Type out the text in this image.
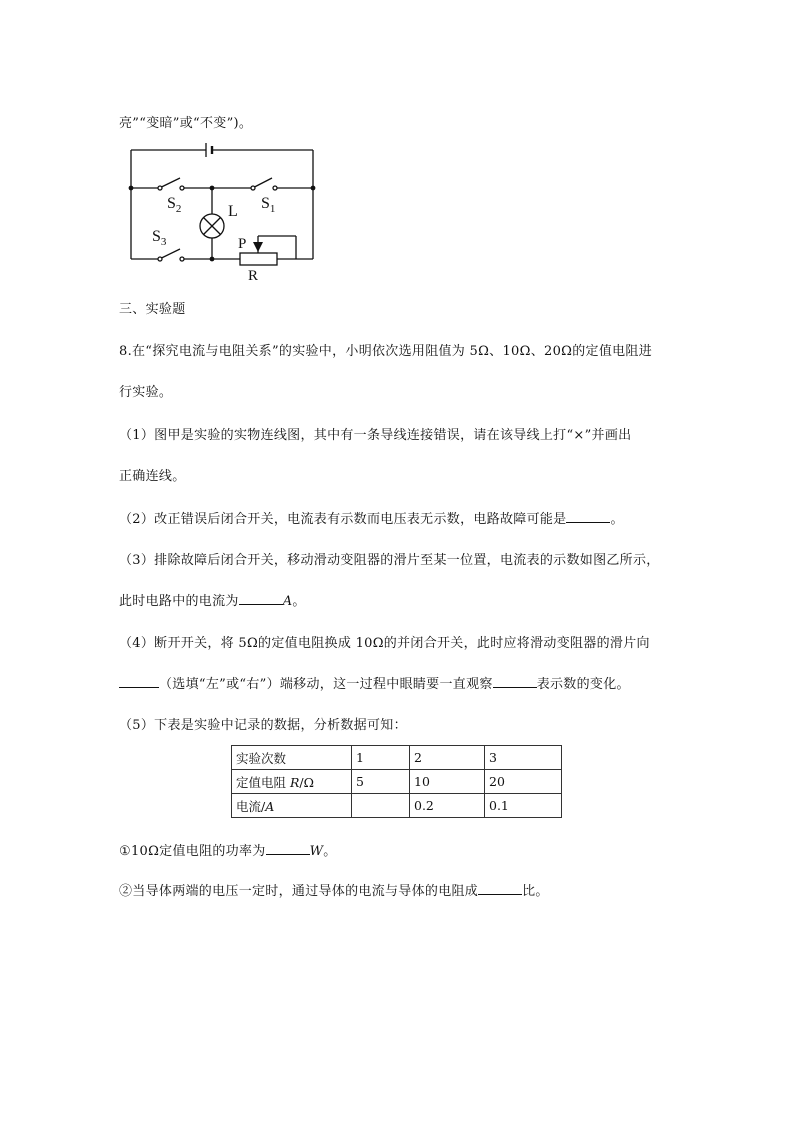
亮”“变暗”或“不变”)。
$S_2$	L $S_1$
$S_3$	P
R
三、实验题
8.在“探究电流与电阻关系”的实验中，小明依次选用阻值为 5Ω、10Ω、20Ω的定值电阻进
行实验。
（1）图甲是实验的实物连线图，其中有一条导线连接错误，请在该导线上打“×”并画出
正确连线。
（2）改正错误后闭合开关，电流表有示数而电压表无示数，电路故障可能是	。
（3）排除故障后闭合开关，移动滑动变阻器的滑片至某一位置，电流表的示数如图乙所示，
此时电路中的电流为	A。
（4）断开开关，将 5Ω的定值电阻换成 10Ω的并闭合开关，此时应将滑动变阻器的滑片向
（选填“左”或“右”）端移动，这一过程中眼睛要一直观察	表示数的变化。
（5）下表是实验中记录的数据，分析数据可知：
实验次数	1	2	3
定值电阻 R/Ω	5	10	20
电流/A		0.2	0.1
①10Ω定值电阻的功率为	W。
②当导体两端的电压一定时，通过导体的电流与导体的电阻成	比。
